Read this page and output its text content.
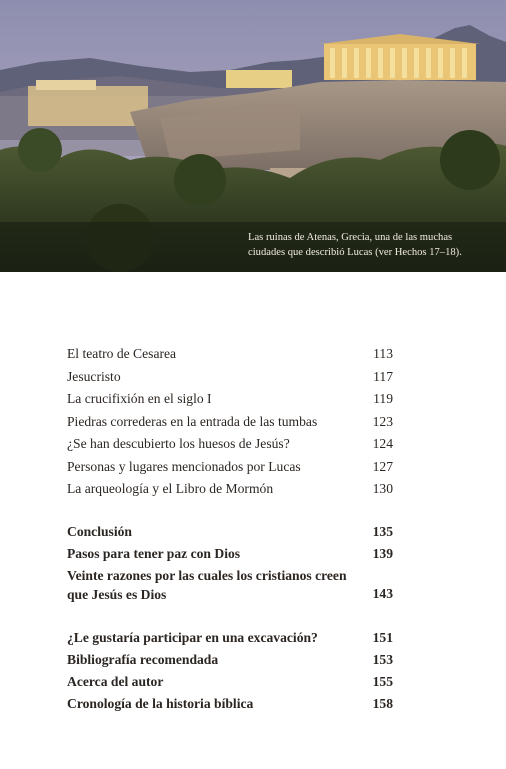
Las ruinas de Atenas, Grecia, una de las muchas ciudades que describió Lucas (ver Hechos 17–18).
El teatro de Cesarea	113
Jesucristo	117
La crucifixión en el siglo I	119
Piedras correderas en la entrada de las tumbas	123
¿Se han descubierto los huesos de Jesús?	124
Personas y lugares mencionados por Lucas	127
La arqueología y el Libro de Mormón	130
Conclusión	135
Pasos para tener paz con Dios	139
Veinte razones por las cuales los cristianos creen que Jesús es Dios	143
¿Le gustaría participar en una excavación?	151
Bibliografía recomendada	153
Acerca del autor	155
Cronología de la historia bíblica	158
